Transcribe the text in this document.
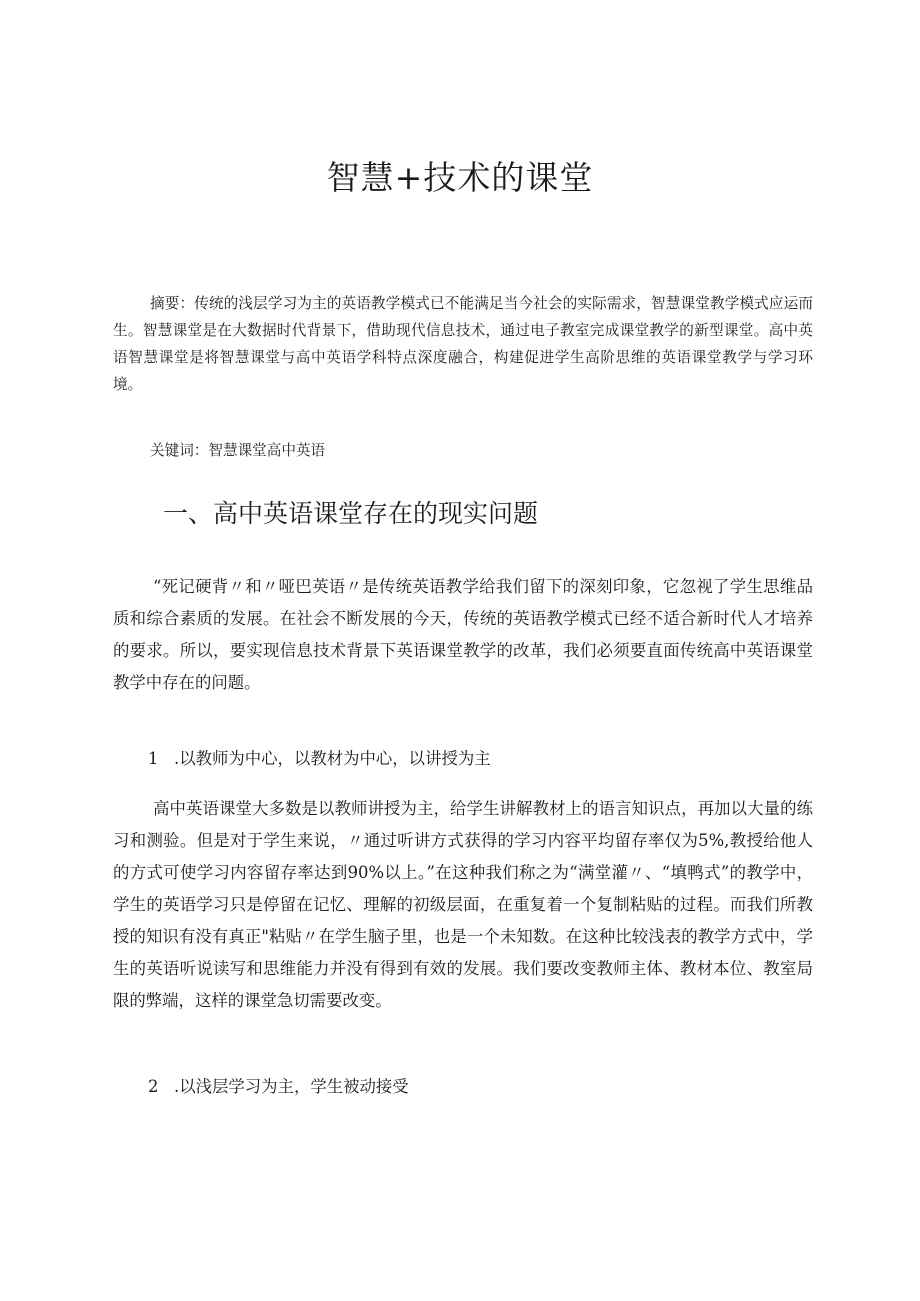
智慧+技术的课堂

摘要：传统的浅层学习为主的英语教学模式已不能满足当今社会的实际需求，智慧课堂教学模式应运而生。智慧课堂是在大数据时代背景下，借助现代信息技术，通过电子教室完成课堂教学的新型课堂。高中英语智慧课堂是将智慧课堂与高中英语学科特点深度融合，构建促进学生高阶思维的英语课堂教学与学习环境。

关键词：智慧课堂高中英语

一、高中英语课堂存在的现实问题

“死记硬背〃和〃哑巴英语〃是传统英语教学给我们留下的深刻印象，它忽视了学生思维品质和综合素质的发展。在社会不断发展的今天，传统的英语教学模式已经不适合新时代人才培养的要求。所以，要实现信息技术背景下英语课堂教学的改革，我们必须要直面传统高中英语课堂教学中存在的问题。

1 .以教师为中心，以教材为中心，以讲授为主

高中英语课堂大多数是以教师讲授为主，给学生讲解教材上的语言知识点，再加以大量的练习和测验。但是对于学生来说，〃通过听讲方式获得的学习内容平均留存率仅为5%,教授给他人的方式可使学习内容留存率达到90%以上。”在这种我们称之为“满堂灌〃、“填鸭式”的教学中，学生的英语学习只是停留在记忆、理解的初级层面，在重复着一个复制粘贴的过程。而我们所教授的知识有没有真正"粘贴〃在学生脑子里，也是一个未知数。在这种比较浅表的教学方式中，学生的英语听说读写和思维能力并没有得到有效的发展。我们要改变教师主体、教材本位、教室局限的弊端，这样的课堂急切需要改变。

2 .以浅层学习为主，学生被动接受
